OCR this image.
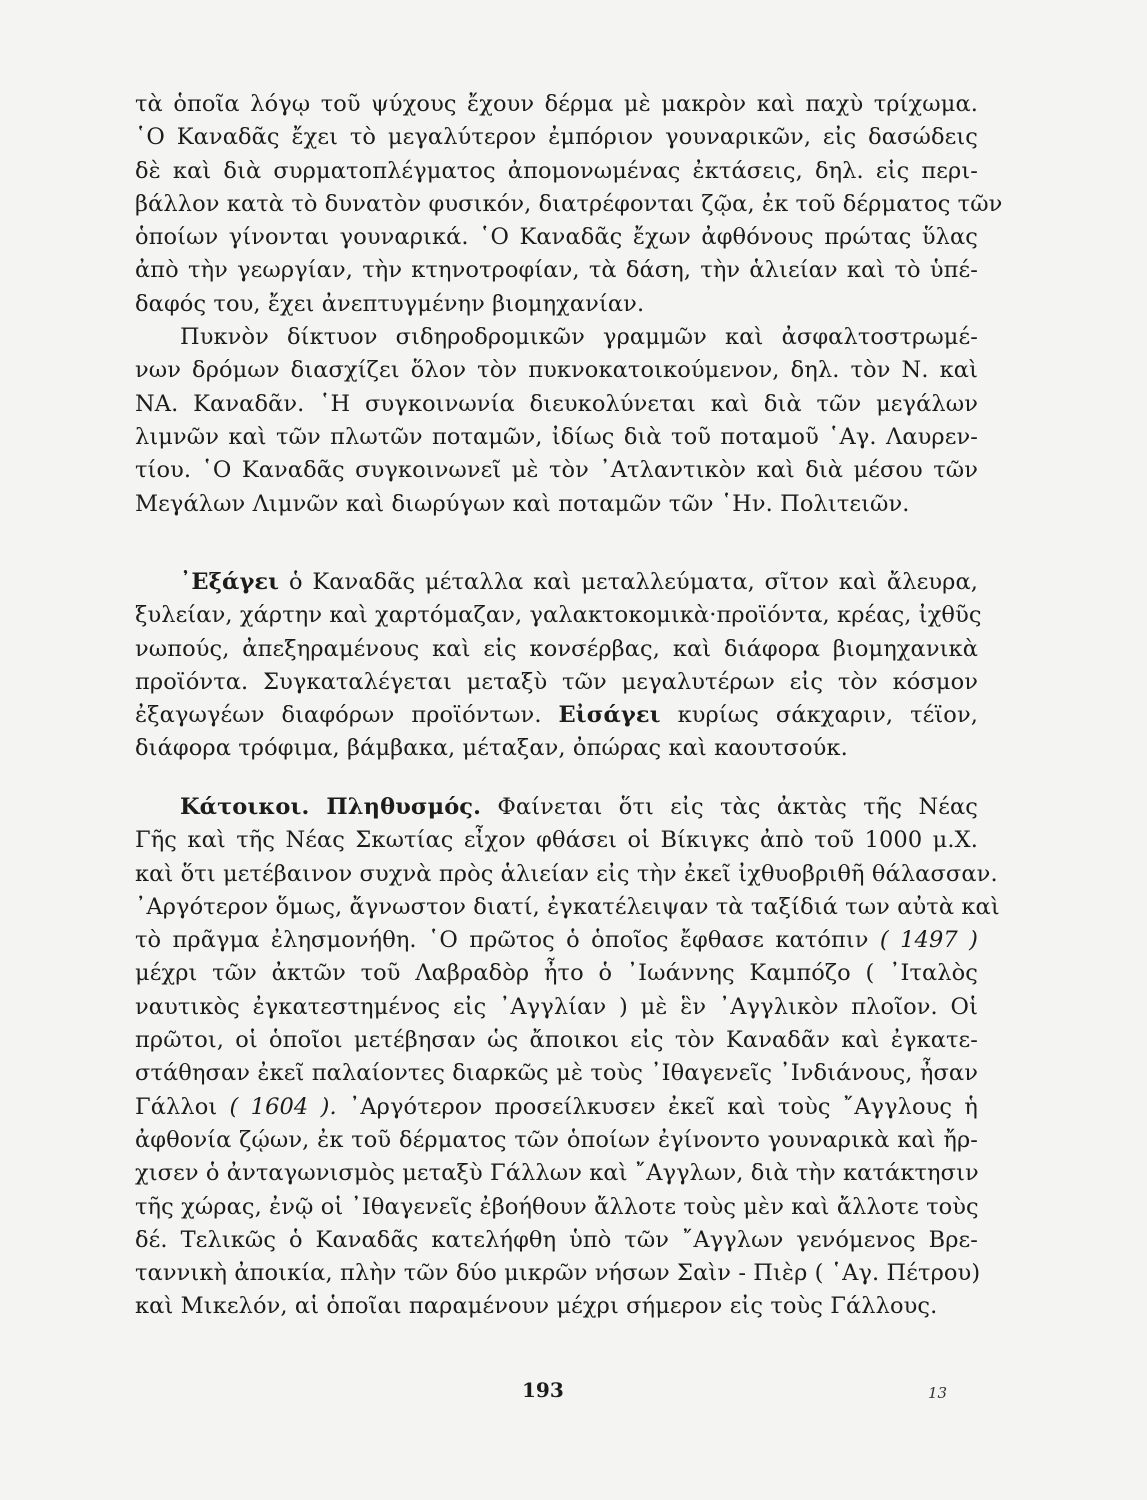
τὰ ὁποῖα λόγῳ τοῦ ψύχους ἔχουν δέρμα μὲ μακρὸν καὶ παχὺ τρίχωμα.
῾Ο Καναδᾶς ἔχει τὸ μεγαλύτερον ἐμπόριον γουναρικῶν, εἰς δασώδεις
δὲ καὶ διὰ συρματοπλέγματος ἀπομονωμένας ἐκτάσεις, δηλ. εἰς περι-
βάλλον κατὰ τὸ δυνατὸν φυσικόν, διατρέφονται ζῷα, ἐκ τοῦ δέρματος τῶν
ὁποίων γίνονται γουναρικά. ῾Ο Καναδᾶς ἔχων ἀφθόνους πρώτας ὕλας
ἀπὸ τὴν γεωργίαν, τὴν κτηνοτροφίαν, τὰ δάση, τὴν ἁλιείαν καὶ τὸ ὑπέ-
δαφός του, ἔχει ἀνεπτυγμένην βιομηχανίαν.
Πυκνὸν δίκτυον σιδηροδρομικῶν γραμμῶν καὶ ἀσφαλτοστρωμέ-
νων δρόμων διασχίζει ὅλον τὸν πυκνοκατοικούμενον, δηλ. τὸν Ν. καὶ
ΝΑ. Καναδᾶν. ῾Η συγκοινωνία διευκολύνεται καὶ διὰ τῶν μεγάλων
λιμνῶν καὶ τῶν πλωτῶν ποταμῶν, ἰδίως διὰ τοῦ ποταμοῦ ῾Αγ. Λαυρεν-
τίου. ῾Ο Καναδᾶς συγκοινωνεῖ μὲ τὸν ᾿Ατλαντικὸν καὶ διὰ μέσου τῶν
Μεγάλων Λιμνῶν καὶ διωρύγων καὶ ποταμῶν τῶν ῾Ην. Πολιτειῶν.
᾿Εξάγει ὁ Καναδᾶς μέταλλα καὶ μεταλλεύματα, σῖτον καὶ ἄλευρα,
ξυλείαν, χάρτην καὶ χαρτόμαζαν, γαλακτοκομικὰ·προϊόντα, κρέας, ἰχθῦς
νωπούς, ἀπεξηραμένους καὶ εἰς κονσέρβας, καὶ διάφορα βιομηχανικὰ
προϊόντα. Συγκαταλέγεται μεταξὺ τῶν μεγαλυτέρων εἰς τὸν κόσμον
ἐξαγωγέων διαφόρων προϊόντων. Εἰσάγει κυρίως σάκχαριν, τέϊον,
διάφορα τρόφιμα, βάμβακα, μέταξαν, ὀπώρας καὶ καουτσούκ.
Κάτοικοι. Πληθυσμός. Φαίνεται ὅτι εἰς τὰς ἀκτὰς τῆς Νέας
Γῆς καὶ τῆς Νέας Σκωτίας εἶχον φθάσει οἱ Βίκιγκς ἀπὸ τοῦ 1000 μ.Χ.
καὶ ὅτι μετέβαινον συχνὰ πρὸς ἁλιείαν εἰς τὴν ἐκεῖ ἰχθυοβριθῆ θάλασσαν.
᾿Αργότερον ὅμως, ἄγνωστον διατί, ἐγκατέλειψαν τὰ ταξίδιά των αὐτὰ καὶ
τὸ πρᾶγμα ἐλησμονήθη. ῾Ο πρῶτος ὁ ὁποῖος ἔφθασε κατόπιν ( 1497 )
μέχρι τῶν ἀκτῶν τοῦ Λαβραδὸρ ἦτο ὁ ᾿Ιωάννης Καμπόζο ( ᾿Ιταλὸς
ναυτικὸς ἐγκατεστημένος εἰς ᾿Αγγλίαν ) μὲ ἓν ᾿Αγγλικὸν πλοῖον. Οἱ
πρῶτοι, οἱ ὁποῖοι μετέβησαν ὡς ἄποικοι εἰς τὸν Καναδᾶν καὶ ἐγκατε-
στάθησαν ἐκεῖ παλαίοντες διαρκῶς μὲ τοὺς ᾿Ιθαγενεῖς ᾿Ινδιάνους, ἦσαν
Γάλλοι ( 1604 ). ᾿Αργότερον προσείλκυσεν ἐκεῖ καὶ τοὺς ῎Αγγλους ἡ
ἀφθονία ζῴων, ἐκ τοῦ δέρματος τῶν ὁποίων ἐγίνοντο γουναρικὰ καὶ ἤρ-
χισεν ὁ ἀνταγωνισμὸς μεταξὺ Γάλλων καὶ ῎Αγγλων, διὰ τὴν κατάκτησιν
τῆς χώρας, ἐνῷ οἱ ᾿Ιθαγενεῖς ἐβοήθουν ἄλλοτε τοὺς μὲν καὶ ἄλλοτε τοὺς
δέ. Τελικῶς ὁ Καναδᾶς κατελήφθη ὑπὸ τῶν ῎Αγγλων γενόμενος Βρε-
ταννικὴ ἀποικία, πλὴν τῶν δύο μικρῶν νήσων Σαὶν - Πιὲρ ( ῾Αγ. Πέτρου)
καὶ Μικελόν, αἱ ὁποῖαι παραμένουν μέχρι σήμερον εἰς τοὺς Γάλλους.
193	13
